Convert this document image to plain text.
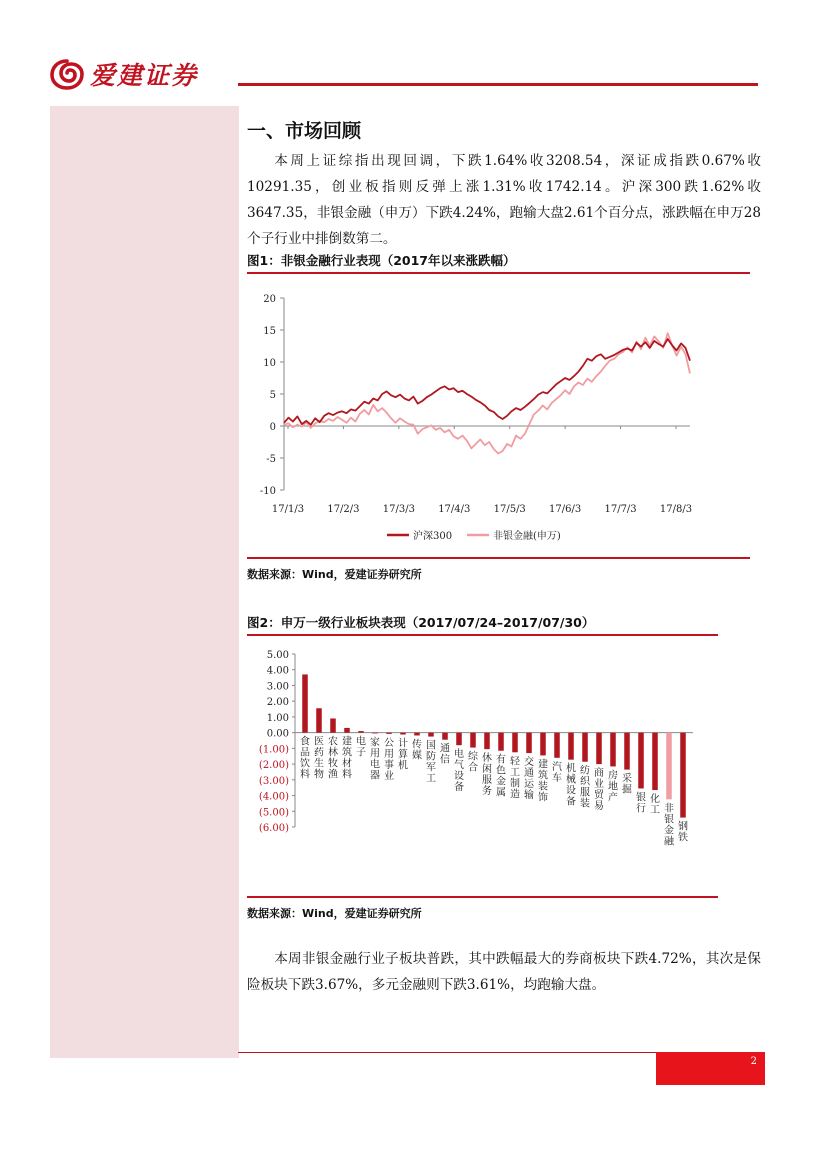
爱建证券
一、市场回顾
本周上证综指出现回调，下跌1.64%收3208.54，深证成指跌0.67%收10291.35，创业板指则反弹上涨1.31%收1742.14。沪深300跌1.62%收3647.35，非银金融（申万）下跌4.24%，跑输大盘2.61个百分点，涨跌幅在申万28个子行业中排倒数第二。
图1：非银金融行业表现（2017年以来涨跌幅）
20
15
10
5
0
-5
-10
17/1/3 17/2/3 17/3/3 17/4/3 17/5/3 17/6/3 17/7/3 17/8/3
沪深300	非银金融(申万)
数据来源：Wind，爱建证券研究所
图2：申万一级行业板块表现（2017/07/24–2017/07/30）
5.00
4.00
3.00
2.00
1.00
0.00
(1.00)
(2.00)
(3.00)
(4.00)
(5.00)
(6.00)
食品饮料
医药生物
农林牧渔
建筑材料
电子
家用电器
公用事业
计算机
传媒
国防军工
通信 电气设备
综合
休闲服务
有色金属
轻工制造
交通运输
建筑装饰
汽车
机械设备
纺织服装
商业贸易
房地产
采掘
银行
化工 非银金融
钢铁
数据来源：Wind，爱建证券研究所
本周非银金融行业子板块普跌，其中跌幅最大的券商板块下跌4.72%，其次是保险板块下跌3.67%，多元金融则下跌3.61%，均跑输大盘。
2
